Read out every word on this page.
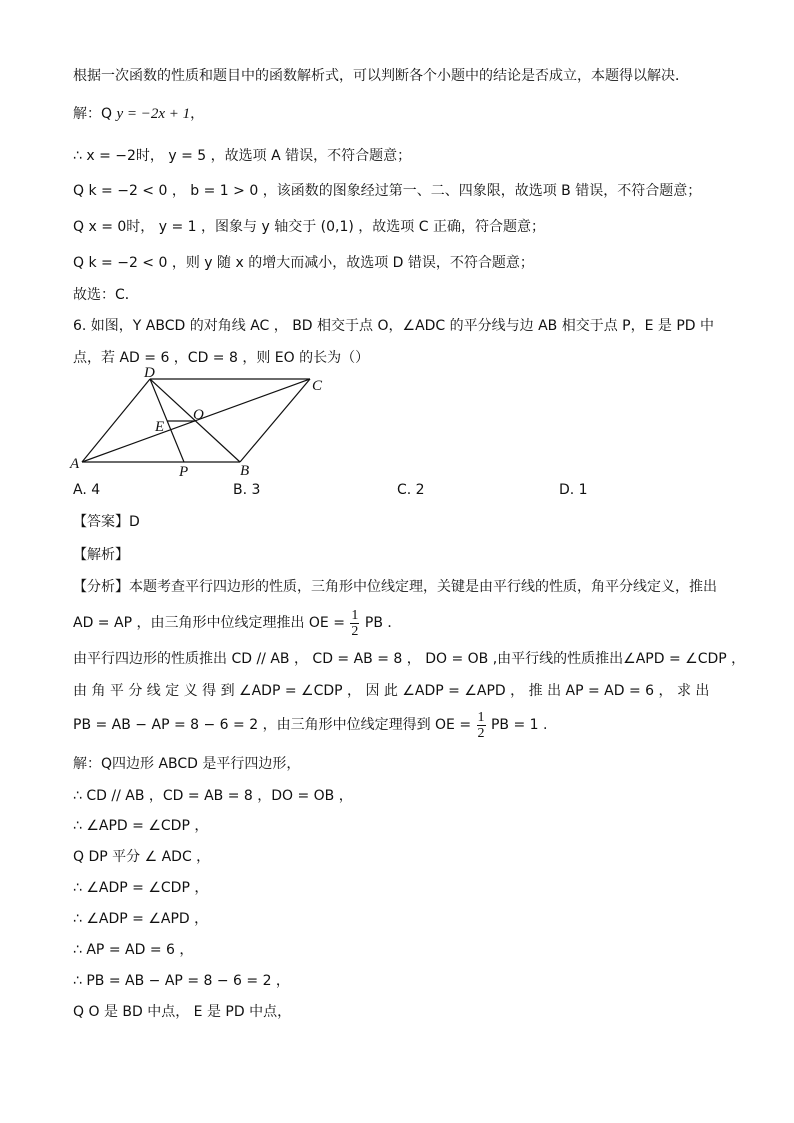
根据一次函数的性质和题目中的函数解析式，可以判断各个小题中的结论是否成立，本题得以解决．
解：Q y = −2x + 1，
∴ x = −2时， y = 5 ，故选项 A 错误，不符合题意；
Q k = −2 < 0 ， b = 1 > 0 ，该函数的图象经过第一、二、四象限，故选项 B 错误，不符合题意；
Q x = 0时， y = 1 ，图象与 y 轴交于 (0,1) ，故选项 C 正确，符合题意；
Q k = −2 < 0 ，则 y 随 x 的增大而减小，故选项 D 错误，不符合题意；
故选：C．
6. 如图，Y ABCD 的对角线 AC ， BD 相交于点 O，∠ADC 的平分线与边 AB 相交于点 P，E 是 PD 中
点，若 AD = 6 ，CD = 8 ，则 EO 的长为（）
A	B
C
D
O
E
P
A. 4	B. 3	C. 2	D. 1
【答案】D
【解析】
【分析】本题考查平行四边形的性质，三角形中位线定理，关键是由平行线的性质，角平分线定义，推出
AD = AP ，由三角形中位线定理推出 OE = $\frac{1}{2}$ PB ．
由平行四边形的性质推出 CD // AB ， CD = AB = 8 ， DO = OB ,由平行线的性质推出∠APD = ∠CDP ，
由 角 平 分 线 定 义 得 到 ∠ADP = ∠CDP ， 因 此 ∠ADP = ∠APD ， 推 出 AP = AD = 6 ， 求 出
PB = AB − AP = 8 − 6 = 2 ，由三角形中位线定理得到 OE = $\frac{1}{2}$ PB = 1 .
解：Q四边形 ABCD 是平行四边形，
∴ CD // AB ，CD = AB = 8 ，DO = OB ，
∴ ∠APD = ∠CDP ，
Q DP 平分 ∠ ADC ，
∴ ∠ADP = ∠CDP ，
∴ ∠ADP = ∠APD ，
∴ AP = AD = 6 ，
∴ PB = AB − AP = 8 − 6 = 2 ，
Q O 是 BD 中点， E 是 PD 中点，
